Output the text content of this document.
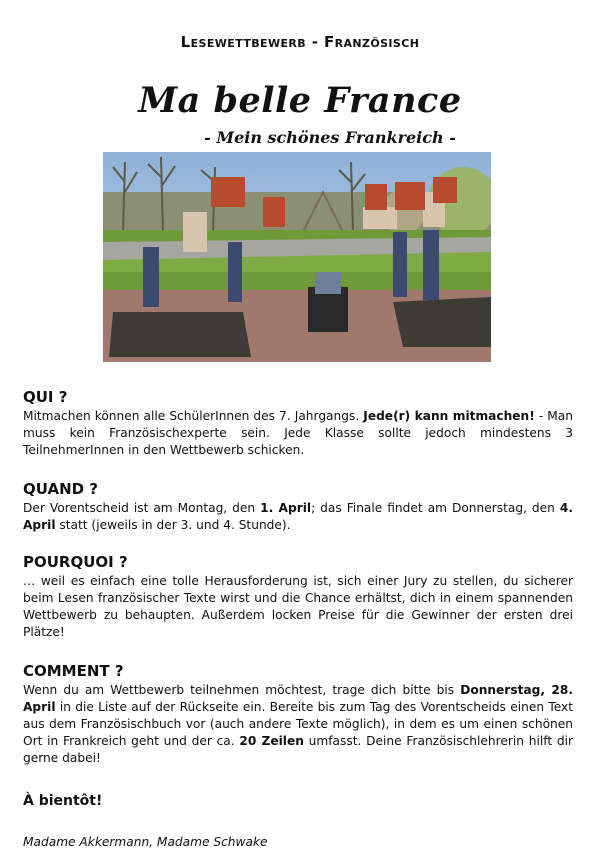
Lesewettbewerb - Französisch
Ma belle France
- Mein schönes Frankreich -
QUI ?

Mitmachen können alle SchülerInnen des 7. Jahrgangs. Jede(r) kann mitmachen! - Man muss kein Französischexperte sein. Jede Klasse sollte jedoch mindestens 3 TeilnehmerInnen in den Wettbewerb schicken.

QUAND ?

Der Vorentscheid ist am Montag, den 1. April; das Finale findet am Donnerstag, den 4. April statt (jeweils in der 3. und 4. Stunde).

POURQUOI ?

… weil es einfach eine tolle Herausforderung ist, sich einer Jury zu stellen, du sicherer beim Lesen französischer Texte wirst und die Chance erhältst, dich in einem spannenden Wettbewerb zu behaupten. Außerdem locken Preise für die Gewinner der ersten drei Plätze!

COMMENT ?

Wenn du am Wettbewerb teilnehmen möchtest, trage dich bitte bis Donnerstag, 28. April in die Liste auf der Rückseite ein. Bereite bis zum Tag des Vorentscheids einen Text aus dem Französischbuch vor (auch andere Texte möglich), in dem es um einen schönen Ort in Frankreich geht und der ca. 20 Zeilen umfasst. Deine Französischlehrerin hilft dir gerne dabei!

À bientôt!
Madame Akkermann, Madame Schwake
